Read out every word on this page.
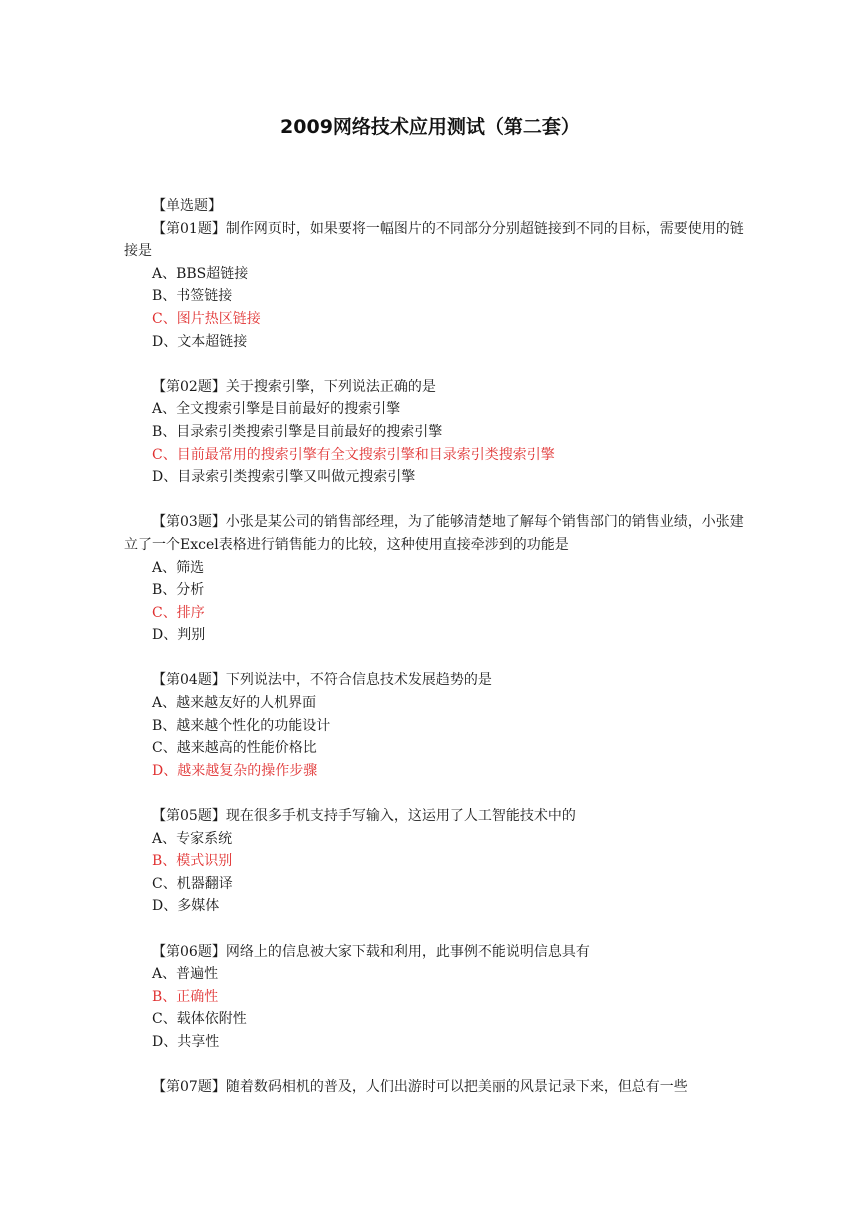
2009网络技术应用测试（第二套）

【单选题】

【第01题】制作网页时，如果要将一幅图片的不同部分分别超链接到不同的目标，需要使用的链接是

A、BBS超链接

B、书签链接

C、图片热区链接

D、文本超链接

【第02题】关于搜索引擎，下列说法正确的是

A、全文搜索引擎是目前最好的搜索引擎

B、目录索引类搜索引擎是目前最好的搜索引擎

C、目前最常用的搜索引擎有全文搜索引擎和目录索引类搜索引擎

D、目录索引类搜索引擎又叫做元搜索引擎

【第03题】小张是某公司的销售部经理，为了能够清楚地了解每个销售部门的销售业绩，小张建立了一个Excel表格进行销售能力的比较，这种使用直接牵涉到的功能是

A、筛选

B、分析

C、排序

D、判别

【第04题】下列说法中，不符合信息技术发展趋势的是

A、越来越友好的人机界面

B、越来越个性化的功能设计

C、越来越高的性能价格比

D、越来越复杂的操作步骤

【第05题】现在很多手机支持手写输入，这运用了人工智能技术中的

A、专家系统

B、模式识别

C、机器翻译

D、多媒体

【第06题】网络上的信息被大家下载和利用，此事例不能说明信息具有

A、普遍性

B、正确性

C、载体依附性

D、共享性

【第07题】随着数码相机的普及，人们出游时可以把美丽的风景记录下来，但总有一些
